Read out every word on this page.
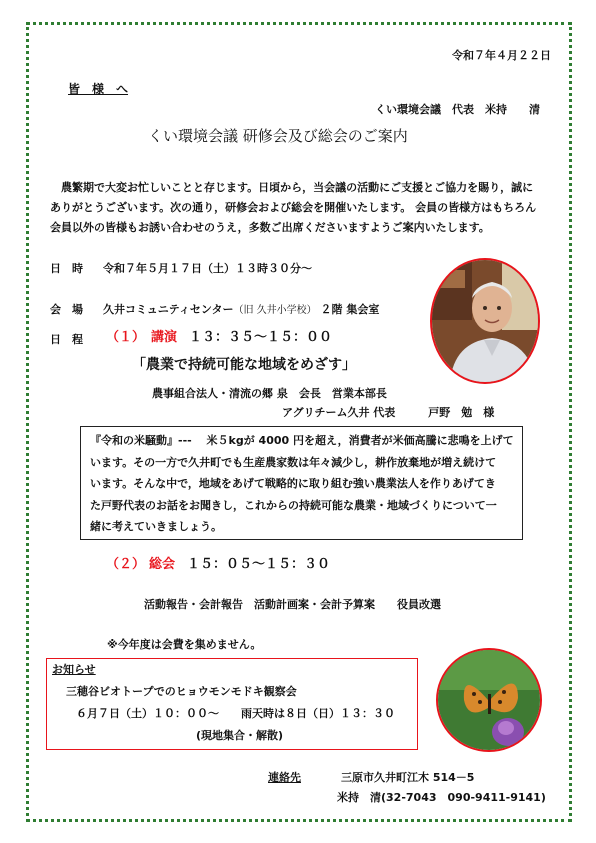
令和７年４月２２日
皆　様　へ
くい環境会議　代表　米持　　清
くい環境会議 研修会及び総会のご案内
　農繁期で大変お忙しいことと存じます。日頃から，当会議の活動にご支援とご協力を賜り，誠に
ありがとうございます。次の通り，研修会および総会を開催いたします。 会員の皆様方はもちろん
会員以外の皆様もお誘い合わせのうえ，多数ご出席くださいますようご案内いたします。
日　時 令和７年５月１７日（土）１３時３０分～
会　場 久井コミュニティセンター（旧 久井小学校） ２階 集会室
日　程 （１） 講演 １３：３５～１５：００
「農業で持続可能な地域をめざす」
農事組合法人・清流の郷 泉　会長　営業本部長
アグリチーム久井 代表　　　戸野　勉　様
『令和の米騒動』--- 　米５kgが 4000 円を超え，消費者が米価高騰に悲鳴を上げて
います。その一方で久井町でも生産農家数は年々減少し，耕作放棄地が増え続けて
います。そんな中で，地域をあげて戦略的に取り組む強い農業法人を作りあげてき
た戸野代表のお話をお聞きし，これからの持続可能な農業・地域づくりについて一
緒に考えていきましょう。
（２） 総会 １５：０５～１５：３０
活動報告・会計報告　活動計画案・会計予算案　　役員改選
※今年度は会費を集めません。
お知らせ
三穂谷ビオトープでのヒョウモンモドキ観察会
６月７日（土）１０：００～　　雨天時は８日（日）１３：３０
(現地集合・解散)
連絡先	三原市久井町江木 514－5
米持　清(32-7043　090-9411-9141)
